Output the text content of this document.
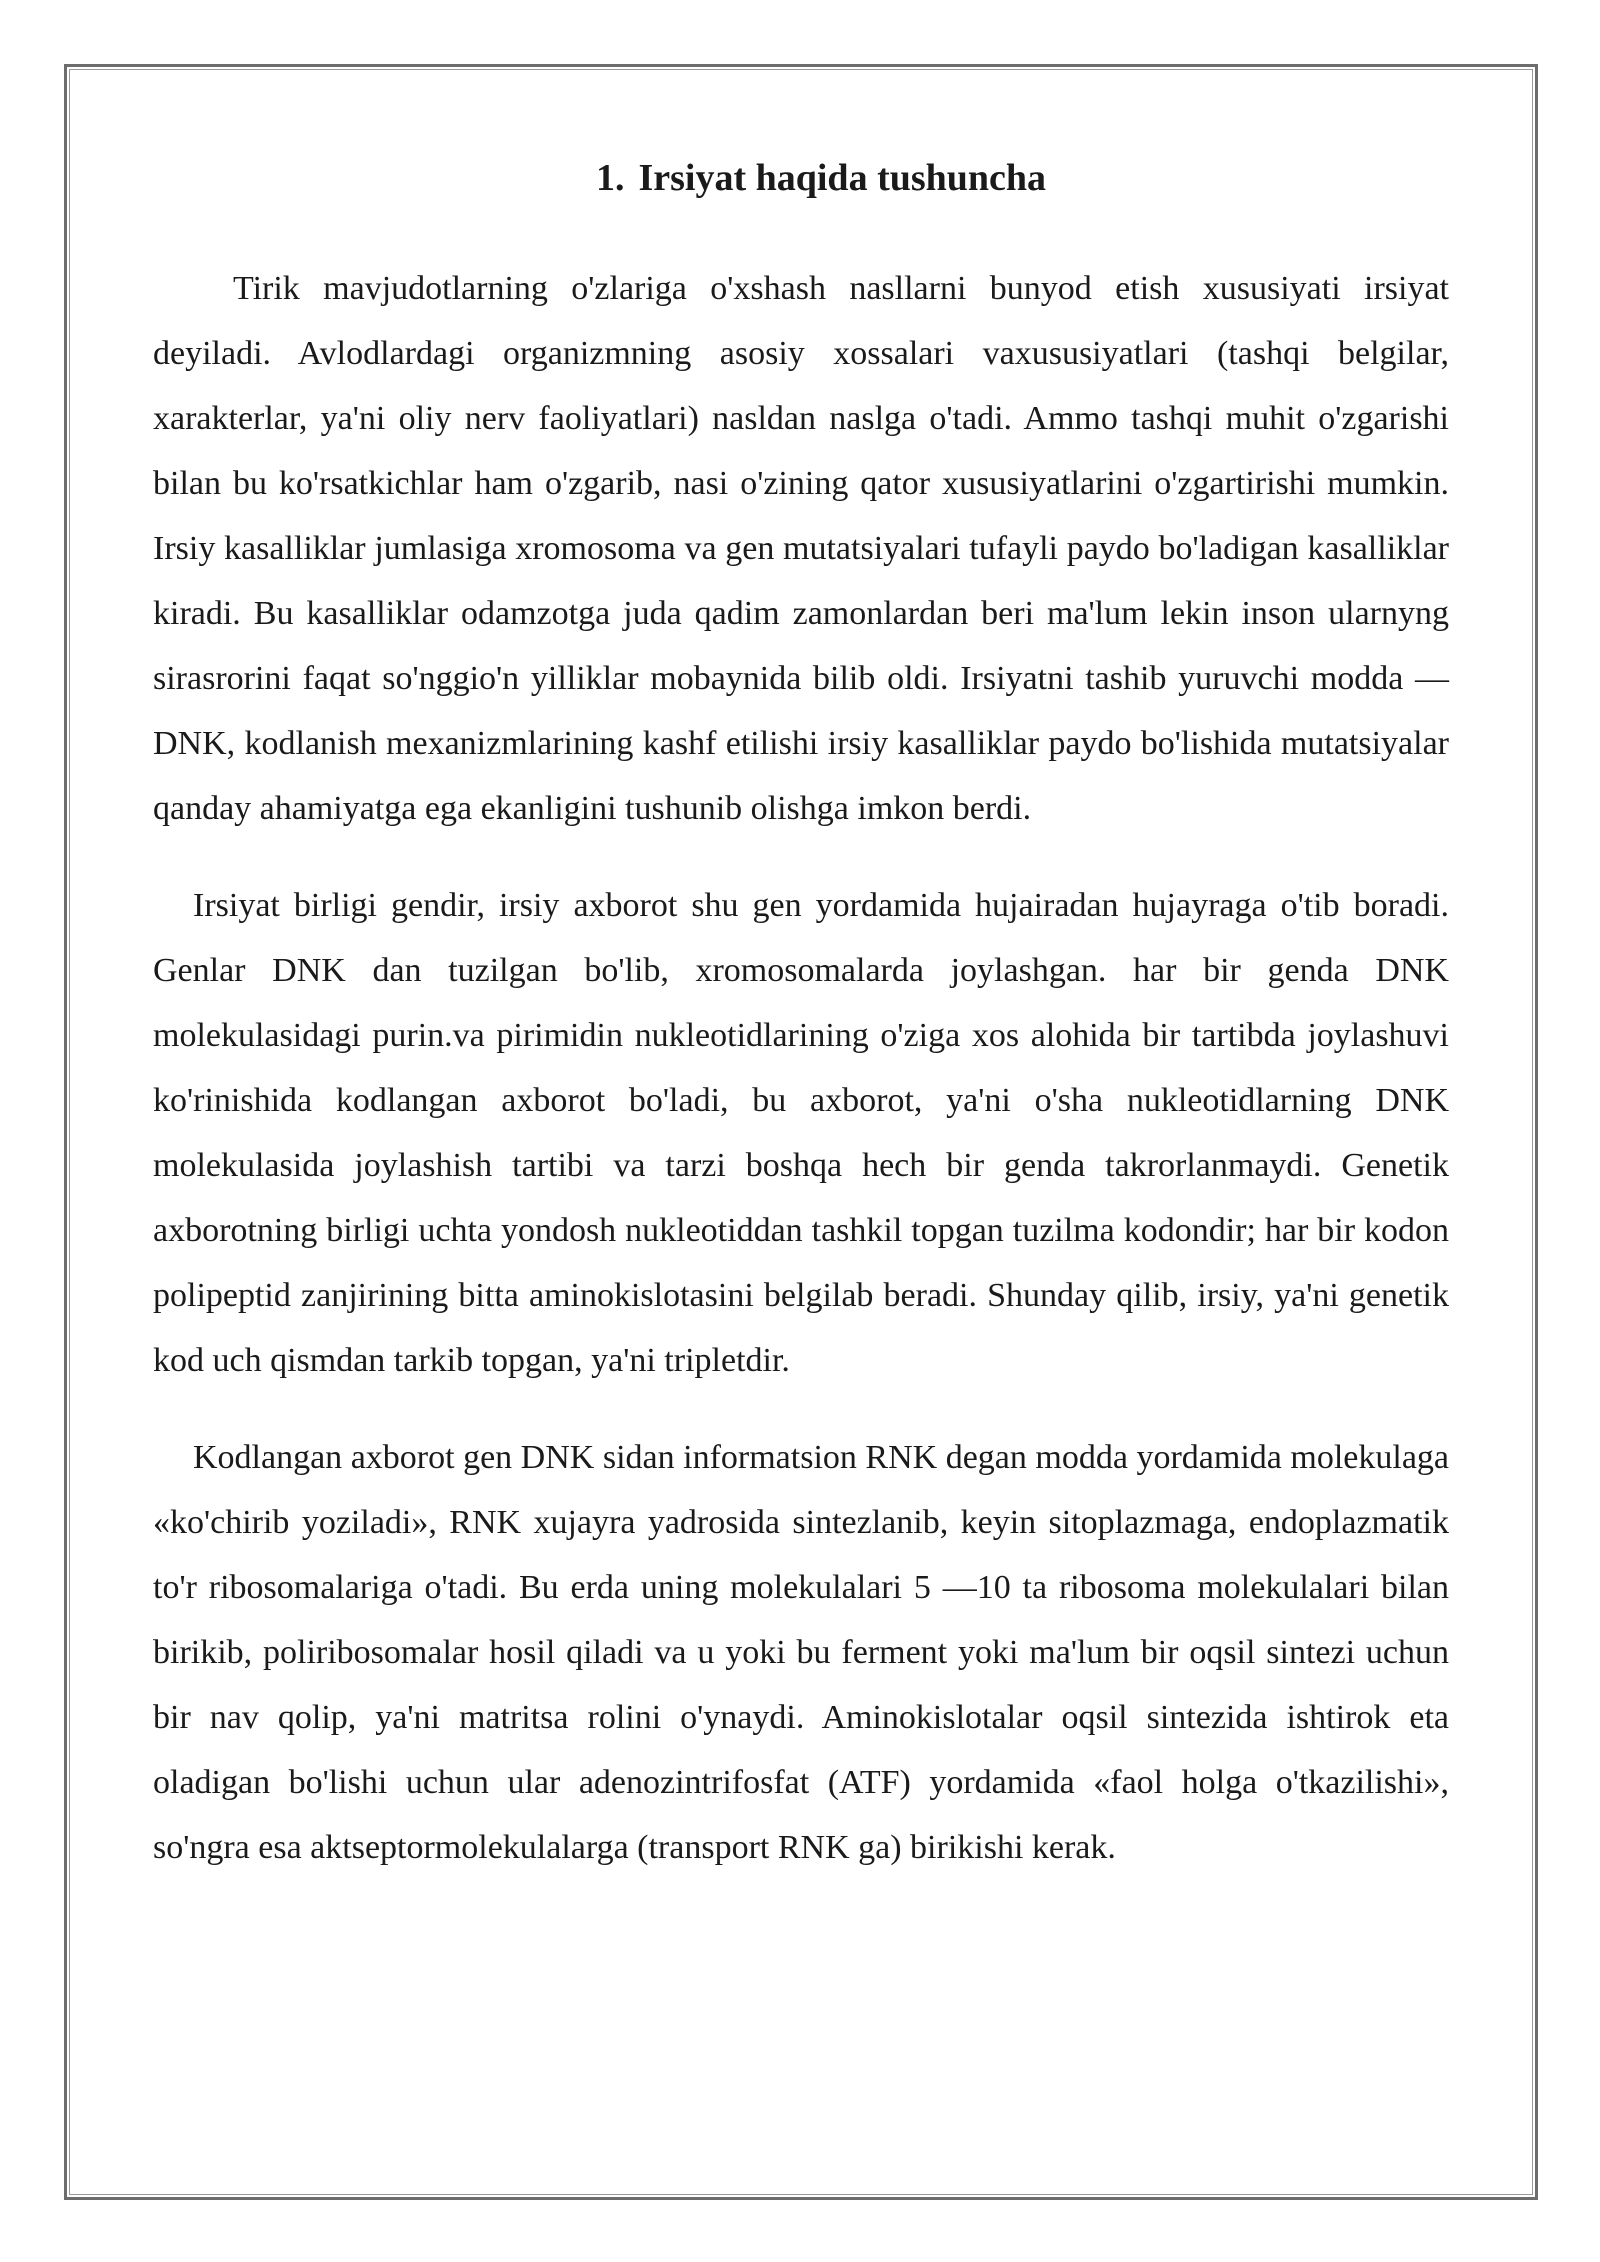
1. Irsiyat haqida tushuncha

Tirik mavjudotlarning o'zlariga o'xshash nasllarni bunyod etish xususiyati irsiyat deyiladi. Avlodlardagi organizmning asosiy xossalari vaxususiyatlari (tashqi belgilar, xarakterlar, ya'ni oliy nerv faoliyatlari) nasldan naslga o'tadi. Ammo tashqi muhit o'zgarishi bilan bu ko'rsatkichlar ham o'zgarib, nasi o'zining qator xususiyatlarini o'zgartirishi mumkin. Irsiy kasalliklar jumlasiga xromosoma va gen mutatsiyalari tufayli paydo bo'ladigan kasalliklar kiradi. Bu kasalliklar odamzotga juda qadim zamonlardan beri ma'lum lekin inson ularnyng sirasrorini faqat so'nggio'n yilliklar mobaynida bilib oldi. Irsiyatni tashib yuruvchi modda — DNK, kodlanish mexanizmlarining kashf etilishi irsiy kasalliklar paydo bo'lishida mutatsiyalar qanday ahamiyatga ega ekanligini tushunib olishga imkon berdi.

Irsiyat birligi gendir, irsiy axborot shu gen yordamida hujairadan hujayraga o'tib boradi. Genlar DNK dan tuzilgan bo'lib, xromosomalarda joylashgan. har bir genda DNK molekulasidagi purin.va pirimidin nukleotidlarining o'ziga xos alohida bir tartibda joylashuvi ko'rinishida kodlangan axborot bo'ladi, bu axborot, ya'ni o'sha nukleotidlarning DNK molekulasida joylashish tartibi va tarzi boshqa hech bir genda takrorlanmaydi. Genetik axborotning birligi uchta yondosh nukleotiddan tashkil topgan tuzilma kodondir; har bir kodon polipeptid zanjirining bitta aminokislotasini belgilab beradi. Shunday qilib, irsiy, ya'ni genetik kod uch qismdan tarkib topgan, ya'ni tripletdir.

Kodlangan axborot gen DNK sidan informatsion RNK degan modda yordamida molekulaga «ko'chirib yoziladi», RNK xujayra yadrosida sintezlanib, keyin sitoplazmaga, endoplazmatik to'r ribosomalariga o'tadi. Bu erda uning molekulalari 5 —10 ta ribosoma molekulalari bilan birikib, poliribosomalar hosil qiladi va u yoki bu ferment yoki ma'lum bir oqsil sintezi uchun bir nav qolip, ya'ni matritsa rolini o'ynaydi. Aminokislotalar oqsil sintezida ishtirok eta oladigan bo'lishi uchun ular adenozintrifosfat (ATF) yordamida «faol holga o'tkazilishi», so'ngra esa aktseptormolekulalarga (transport RNK ga) birikishi kerak.
